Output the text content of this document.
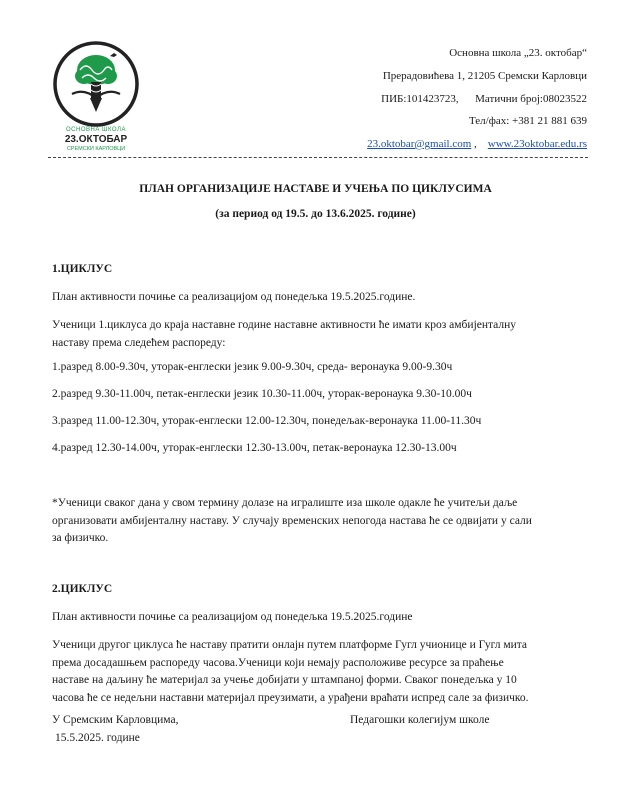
ОСНОВНА ШКОЛА
23.ОКТОБАР
СРЕМСКИ КАРЛОВЦИ
Основна школа „23. октобар“
Прерадовићева 1, 21205 Сремски Карловци
ПИБ:101423723, Матични број:08023522
Тел/фах: +381 21 881 639
23.oktobar@gmail.com , www.23oktobar.edu.rs
ПЛАН ОРГАНИЗАЦИЈЕ НАСТАВЕ И УЧЕЊА ПО ЦИКЛУСИМА
(за период од 19.5. до 13.6.2025. године)
1.ЦИКЛУС
План активности почиње са реализацијом од понедељка 19.5.2025.године.
Ученици 1.циклуса до краја наставне године наставне активности ће имати кроз амбијенталну
наставу према следећем распореду:
1.разред 8.00-9.30ч, уторак-енглески језик 9.00-9.30ч, среда- веронаука 9.00-9.30ч
2.разред 9.30-11.00ч, петак-енглески језик 10.30-11.00ч, уторак-веронаука 9.30-10.00ч
3.разред 11.00-12.30ч, уторак-енглески 12.00-12.30ч, понедељак-веронаука 11.00-11.30ч
4.разред 12.30-14.00ч, уторак-енглески 12.30-13.00ч, петак-веронаука 12.30-13.00ч
*Ученици сваког дана у свом термину долазе на игралиште иза школе одакле ће учитељи даље
организовати амбијенталну наставу. У случају временских непогода настава ће се одвијати у сали
за физичко.
2.ЦИКЛУС
План активности почиње са реализацијом од понедељка 19.5.2025.године
Ученици другог циклуса ће наставу пратити онлајн путем платформе Гугл учионице и Гугл мита
према досадашњем распореду часова.Ученици који немају расположиве ресурсе за праћење
наставе на даљину ће материјал за учење добијати у штампаној форми. Сваког понедељка у 10
часова ће се недељни наставни материјал преузимати, а урађени враћати испред сале за физичко.
У Сремским Карловцима,
15.5.2025. године
Педагошки колегијум школе
